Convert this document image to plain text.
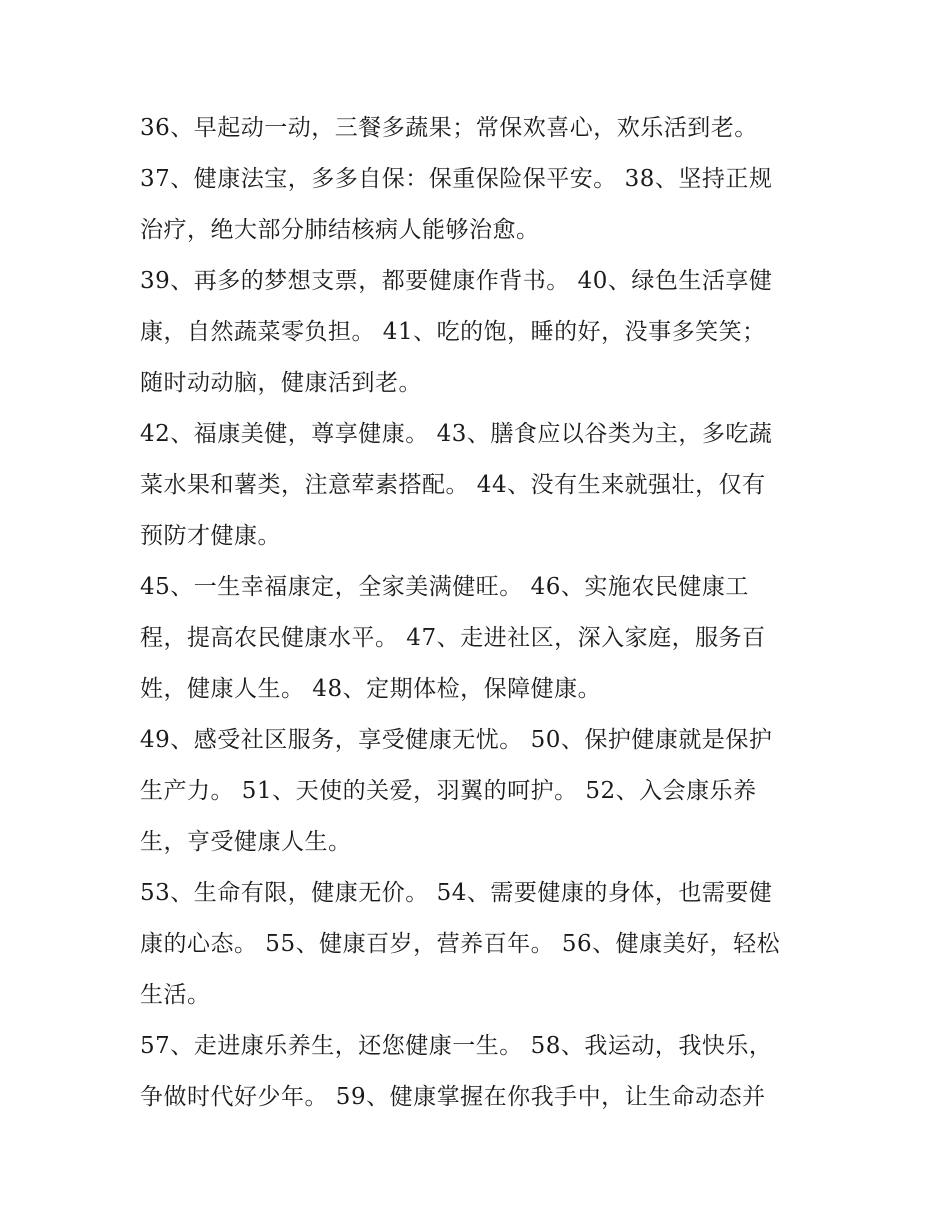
36、早起动一动，三餐多蔬果；常保欢喜心，欢乐活到老。

37、健康法宝，多多自保：保重保险保平安。 38、坚持正规
治疗，绝大部分肺结核病人能够治愈。

39、再多的梦想支票，都要健康作背书。 40、绿色生活享健
康，自然蔬菜零负担。 41、吃的饱，睡的好，没事多笑笑；
随时动动脑，健康活到老。

42、福康美健，尊享健康。 43、膳食应以谷类为主，多吃蔬
菜水果和薯类，注意荤素搭配。 44、没有生来就强壮，仅有
预防才健康。

45、一生幸福康定，全家美满健旺。 46、实施农民健康工
程，提高农民健康水平。 47、走进社区，深入家庭，服务百
姓，健康人生。 48、定期体检，保障健康。

49、感受社区服务，享受健康无忧。 50、保护健康就是保护
生产力。 51、天使的关爱，羽翼的呵护。 52、入会康乐养
生，亨受健康人生。

53、生命有限，健康无价。 54、需要健康的身体，也需要健
康的心态。 55、健康百岁，营养百年。 56、健康美好，轻松
生活。

57、走进康乐养生，还您健康一生。 58、我运动，我快乐，
争做时代好少年。 59、健康掌握在你我手中，让生命动态并
